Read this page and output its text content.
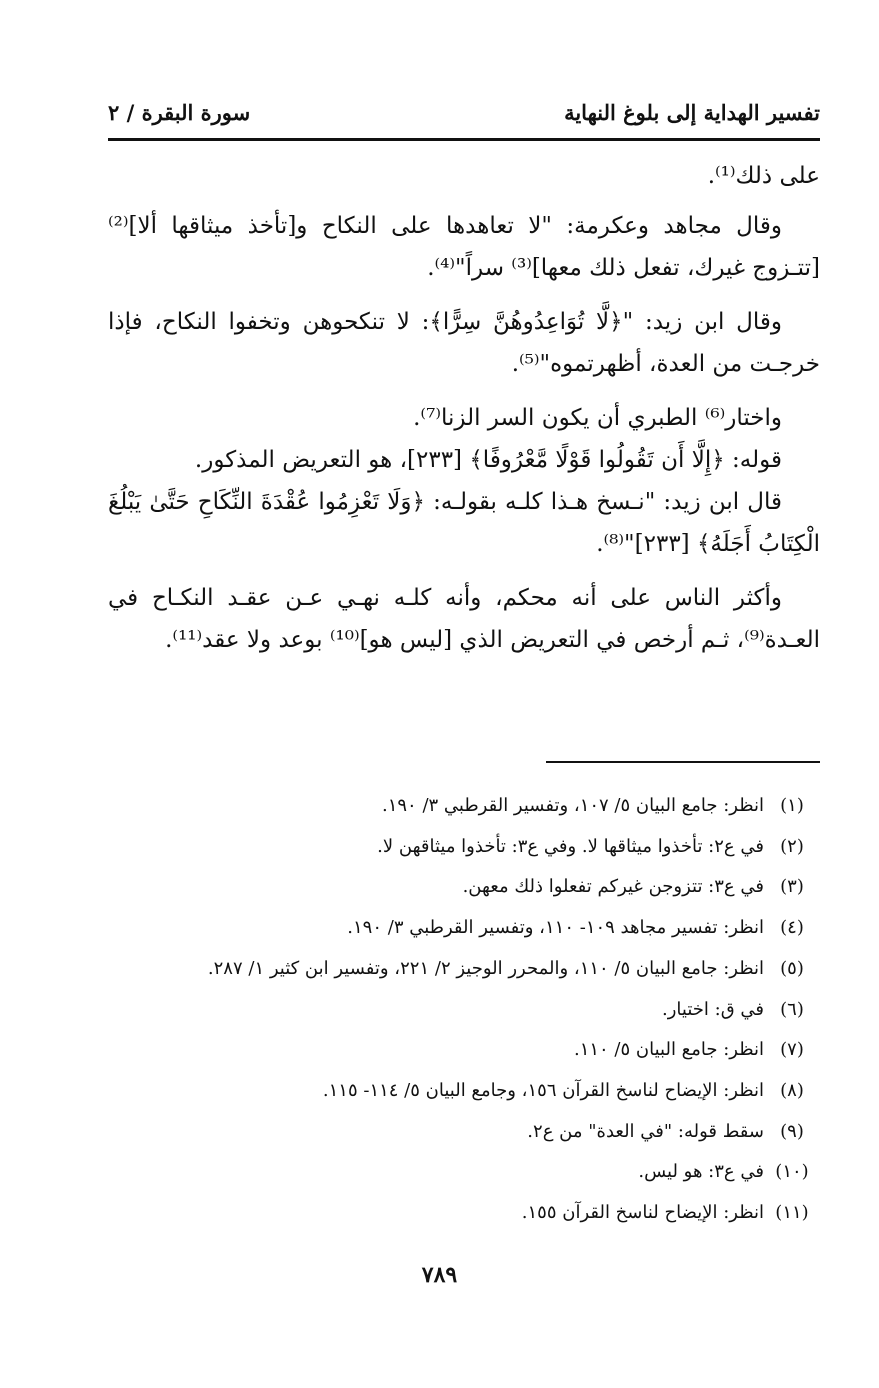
تفسير الهداية إلى بلوغ النهاية
سورة البقرة / ٢

على ذلك⁽¹⁾.

وقال مجاهد وعكرمة: "لا تعاهدها على النكاح و[تأخذ ميثاقها ألا]⁽²⁾ [تتـزوج غيرك، تفعل ذلك معها]⁽³⁾ سراً"⁽⁴⁾.

وقال ابن زيد: "﴿لَّا تُوَاعِدُوهُنَّ سِرًّا﴾: لا تنكحوهن وتخفوا النكاح، فإذا خرجـت من العدة، أظهرتموه"⁽⁵⁾.

واختار⁽⁶⁾ الطبري أن يكون السر الزنا⁽⁷⁾.

قوله: ﴿إِلَّا أَن تَقُولُوا قَوْلًا مَّعْرُوفًا﴾ [٢٣٣]، هو التعريض المذكور.

قال ابن زيد: "نـسخ هـذا كلـه بقولـه: ﴿وَلَا تَعْزِمُوا عُقْدَةَ النِّكَاحِ حَتَّىٰ يَبْلُغَ الْكِتَابُ أَجَلَهُ﴾ [٢٣٣]"⁽⁸⁾.

وأكثر الناس على أنه محكم، وأنه كلـه نهـي عـن عقـد النكـاح في العـدة⁽⁹⁾، ثـم أرخص في التعريض الذي [ليس هو]⁽¹⁰⁾ بوعد ولا عقد⁽¹¹⁾.

(١)
انظر: جامع البيان ٥/ ١٠٧، وتفسير القرطبي ٣/ ١٩٠.
(٢)
في ع٢: تأخذوا ميثاقها لا. وفي ع٣: تأخذوا ميثاقهن لا.
(٣)
في ع٣: تتزوجن غيركم تفعلوا ذلك معهن.
(٤)
انظر: تفسير مجاهد ١٠٩- ١١٠، وتفسير القرطبي ٣/ ١٩٠.
(٥)
انظر: جامع البيان ٥/ ١١٠، والمحرر الوجيز ٢/ ٢٢١، وتفسير ابن كثير ١/ ٢٨٧.
(٦)
في ق: اختيار.
(٧)
انظر: جامع البيان ٥/ ١١٠.
(٨)
انظر: الإيضاح لناسخ القرآن ١٥٦، وجامع البيان ٥/ ١١٤- ١١٥.
(٩)
سقط قوله: "في العدة" من ع٢.
(١٠)
في ع٣: هو ليس.
(١١)
انظر: الإيضاح لناسخ القرآن ١٥٥.
٧٨٩
